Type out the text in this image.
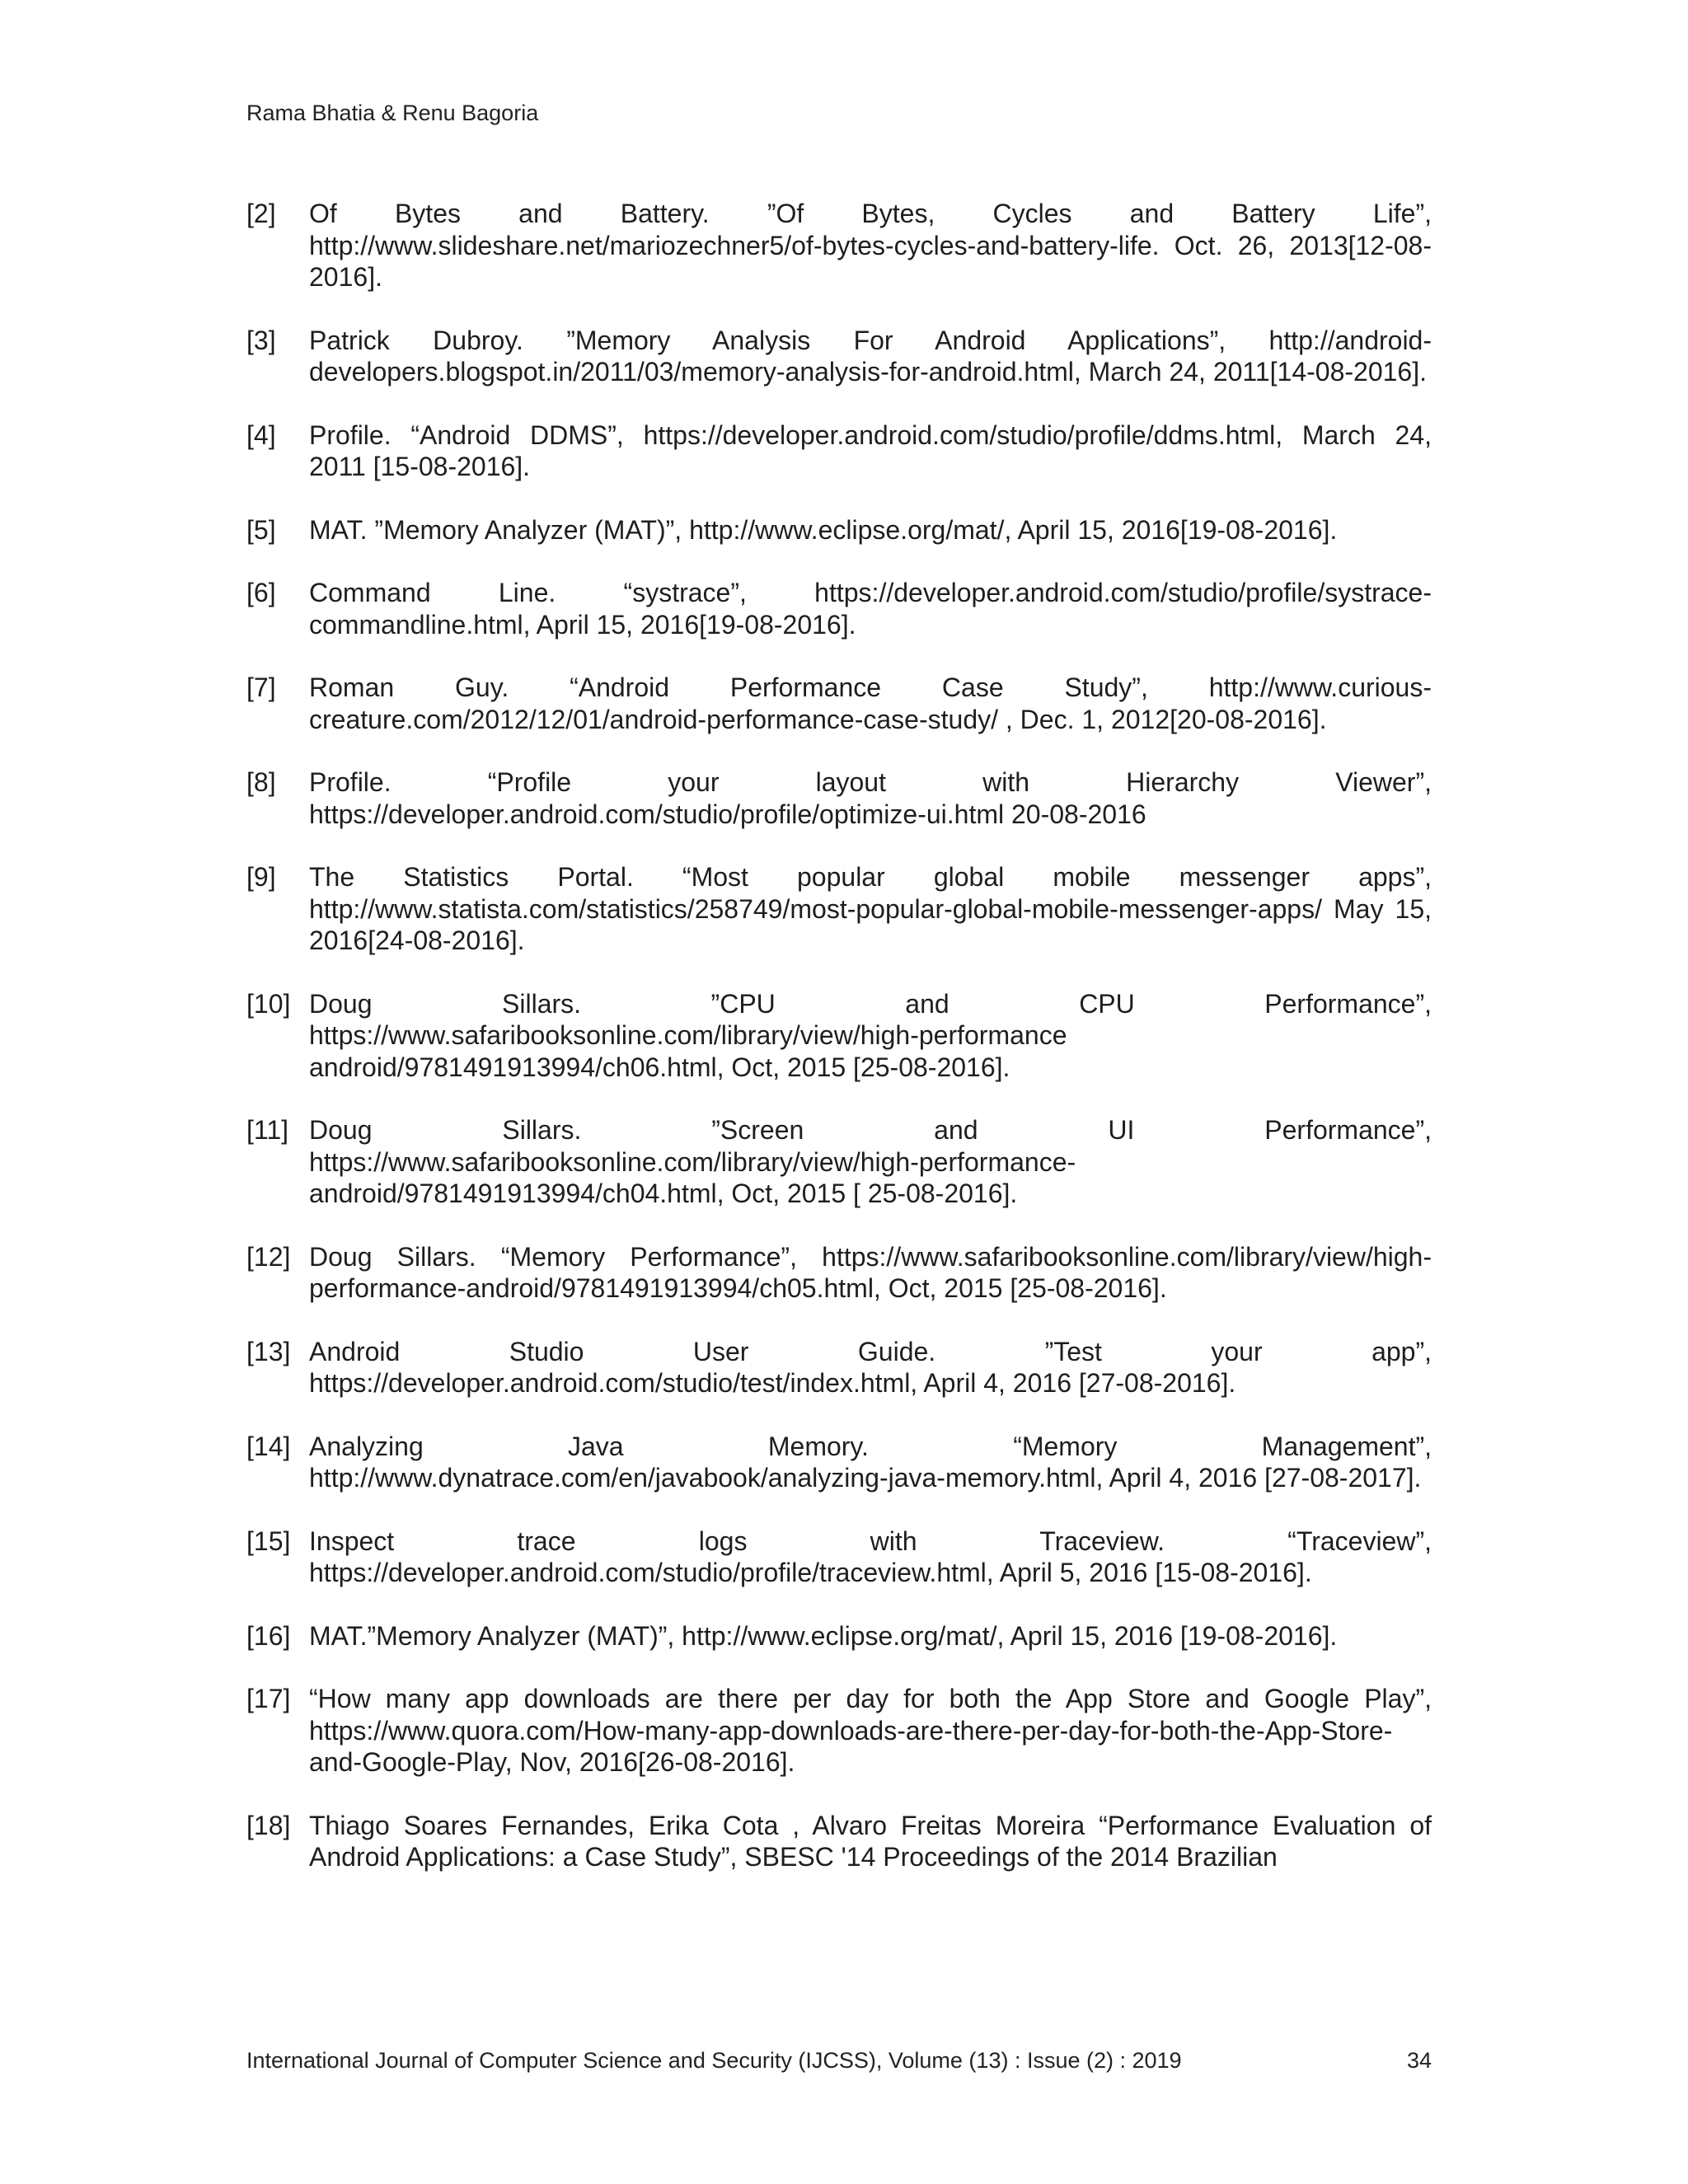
Rama Bhatia & Renu Bagoria
[2]	Of Bytes and Battery. ”Of Bytes, Cycles and Battery Life”, http://www.slideshare.net/mariozechner5/of-bytes-cycles-and-battery-life. Oct. 26, 2013[12-08-2016].
[3]	Patrick Dubroy. ”Memory Analysis For Android Applications”, http://android-developers.blogspot.in/2011/03/memory-analysis-for-android.html, March 24, 2011[14-08-2016].
[4]	Profile. “Android DDMS”, https://developer.android.com/studio/profile/ddms.html, March 24, 2011 [15-08-2016].
[5]	MAT. ”Memory Analyzer (MAT)”, http://www.eclipse.org/mat/, April 15, 2016[19-08-2016].
[6]	Command Line. “systrace”, https://developer.android.com/studio/profile/systrace-commandline.html, April 15, 2016[19-08-2016].
[7]	Roman Guy. “Android Performance Case Study”, http://www.curious-creature.com/2012/12/01/android-performance-case-study/ , Dec. 1, 2012[20-08-2016].
[8]	Profile. “Profile your layout with Hierarchy Viewer”, https://developer.android.com/studio/profile/optimize-ui.html 20-08-2016
[9]	The Statistics Portal. “Most popular global mobile messenger apps”, http://www.statista.com/statistics/258749/most-popular-global-mobile-messenger-apps/ May 15, 2016[24-08-2016].
[10] Doug Sillars. ”CPU and CPU Performance”, https://www.safaribooksonline.com/library/view/high-performance android/9781491913994/ch06.html, Oct, 2015 [25-08-2016].
[11] Doug Sillars. ”Screen and UI Performance”, https://www.safaribooksonline.com/library/view/high-performance-android/9781491913994/ch04.html, Oct, 2015 [ 25-08-2016].
[12] Doug Sillars. “Memory Performance”, https://www.safaribooksonline.com/library/view/high-performance-android/9781491913994/ch05.html, Oct, 2015 [25-08-2016].
[13] Android Studio User Guide. ”Test your app”, https://developer.android.com/studio/test/index.html, April 4, 2016 [27-08-2016].
[14] Analyzing Java Memory. “Memory Management”, http://www.dynatrace.com/en/javabook/analyzing-java-memory.html, April 4, 2016 [27-08-2017].
[15] Inspect trace logs with Traceview. “Traceview”, https://developer.android.com/studio/profile/traceview.html, April 5, 2016 [15-08-2016].
[16] MAT.”Memory Analyzer (MAT)”, http://www.eclipse.org/mat/, April 15, 2016 [19-08-2016].
[17] “How many app downloads are there per day for both the App Store and Google Play”, https://www.quora.com/How-many-app-downloads-are-there-per-day-for-both-the-App-Store-and-Google-Play, Nov, 2016[26-08-2016].
[18] Thiago Soares Fernandes, Erika Cota , Alvaro Freitas Moreira “Performance Evaluation of Android Applications: a Case Study”, SBESC '14 Proceedings of the 2014 Brazilian
International Journal of Computer Science and Security (IJCSS), Volume (13) : Issue (2) : 2019	34
